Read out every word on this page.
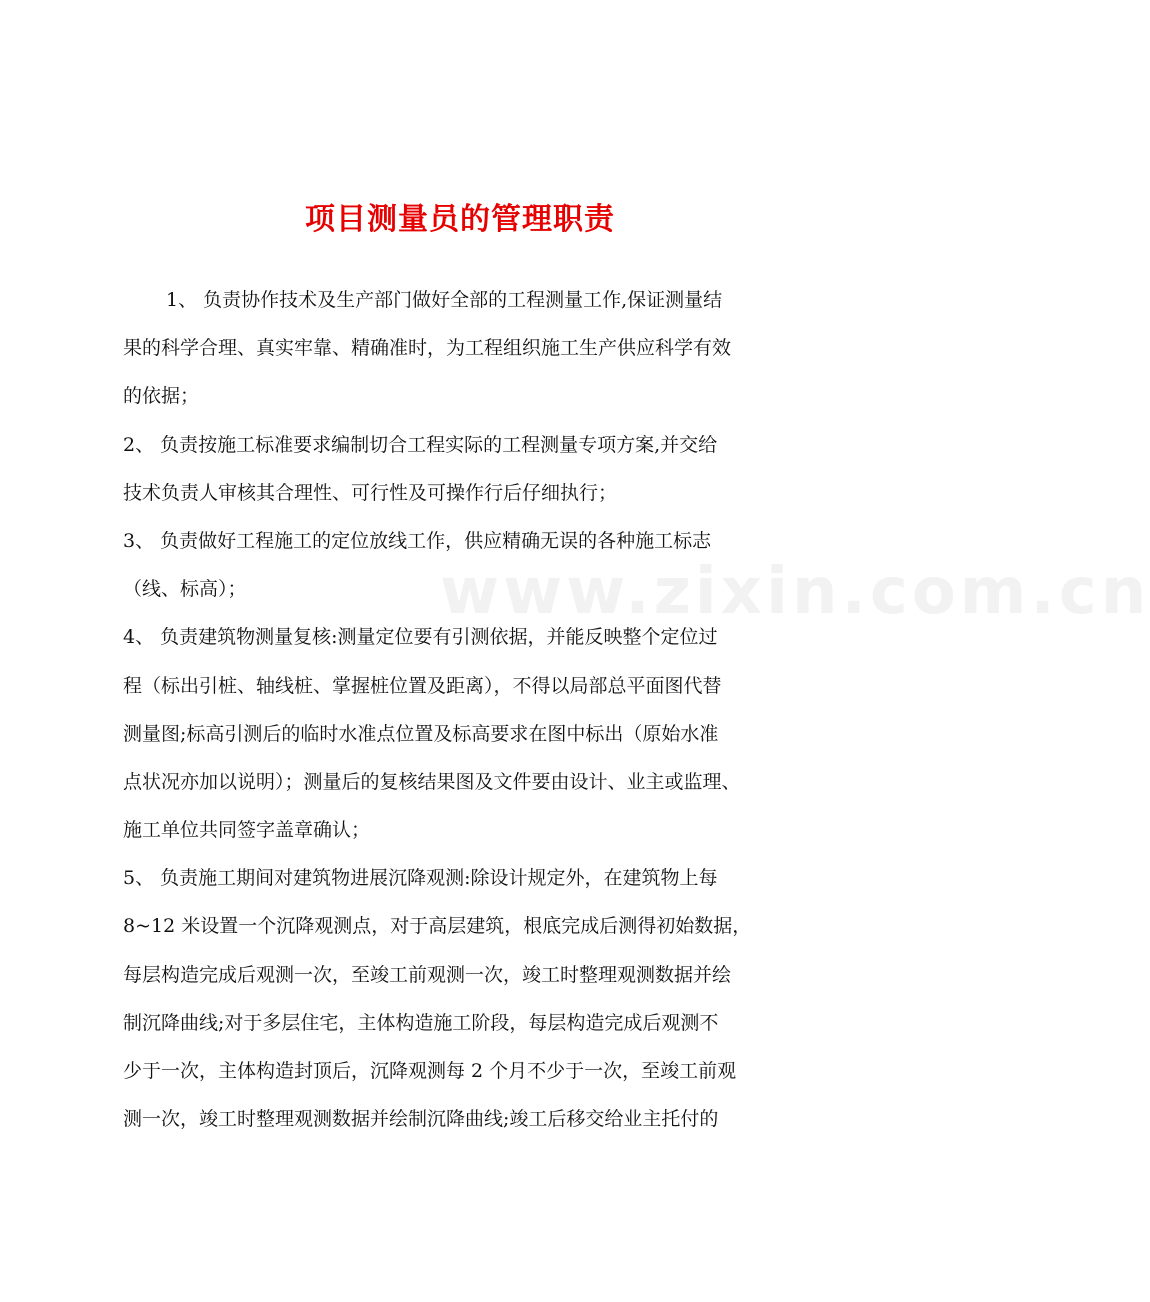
www.zixin.com.cn
项目测量员的管理职责
1、 负责协作技术及生产部门做好全部的工程测量工作,保证测量结
果的科学合理、真实牢靠、精确准时，为工程组织施工生产供应科学有效
的依据；
2、 负责按施工标准要求编制切合工程实际的工程测量专项方案,并交给
技术负责人审核其合理性、可行性及可操作行后仔细执行；
3、 负责做好工程施工的定位放线工作，供应精确无误的各种施工标志
（线、标高）；
4、 负责建筑物测量复核:测量定位要有引测依据，并能反映整个定位过
程（标出引桩、轴线桩、掌握桩位置及距离），不得以局部总平面图代替
测量图;标高引测后的临时水准点位置及标高要求在图中标出（原始水准
点状况亦加以说明）；测量后的复核结果图及文件要由设计、业主或监理、
施工单位共同签字盖章确认；
5、 负责施工期间对建筑物进展沉降观测:除设计规定外，在建筑物上每
8~12 米设置一个沉降观测点，对于高层建筑，根底完成后测得初始数据，
每层构造完成后观测一次，至竣工前观测一次，竣工时整理观测数据并绘
制沉降曲线;对于多层住宅，主体构造施工阶段，每层构造完成后观测不
少于一次，主体构造封顶后，沉降观测每 2 个月不少于一次，至竣工前观
测一次，竣工时整理观测数据并绘制沉降曲线;竣工后移交给业主托付的
